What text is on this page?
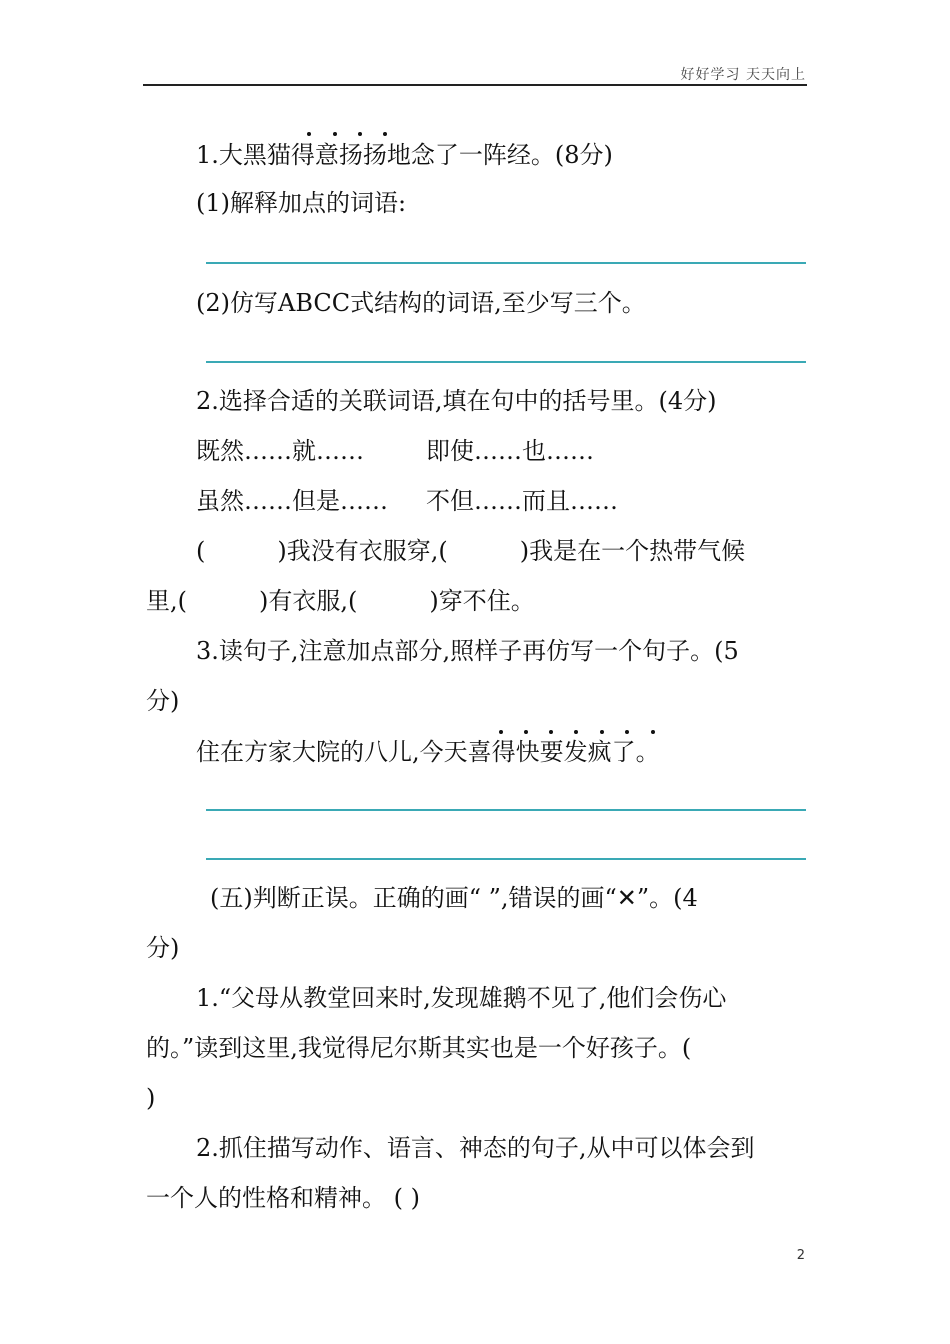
好好学习 天天向上
1.大黑猫得意扬扬地念了一阵经。(8分)
(1)解释加点的词语:
(2)仿写ABCC式结构的词语,至少写三个。
2.选择合适的关联词语,填在句中的括号里。(4分)
既然……就……	即使……也……
虽然……但是…… 不但……而且……
(	)我没有衣服穿,(	)我是在一个热带气候
里,(	)有衣服,(	)穿不住。
3.读句子,注意加点部分,照样子再仿写一个句子。(5
分)
住在方家大院的八儿,今天喜得快要发疯了。
(五)判断正误。正确的画“ ”,错误的画“✕”。(4
分)
1.“父母从教堂回来时,发现雄鹅不见了,他们会伤心
的。”读到这里,我觉得尼尔斯其实也是一个好孩子。(
)
2.抓住描写动作、语言、神态的句子,从中可以体会到
一个人的性格和精神。 ( )
2
